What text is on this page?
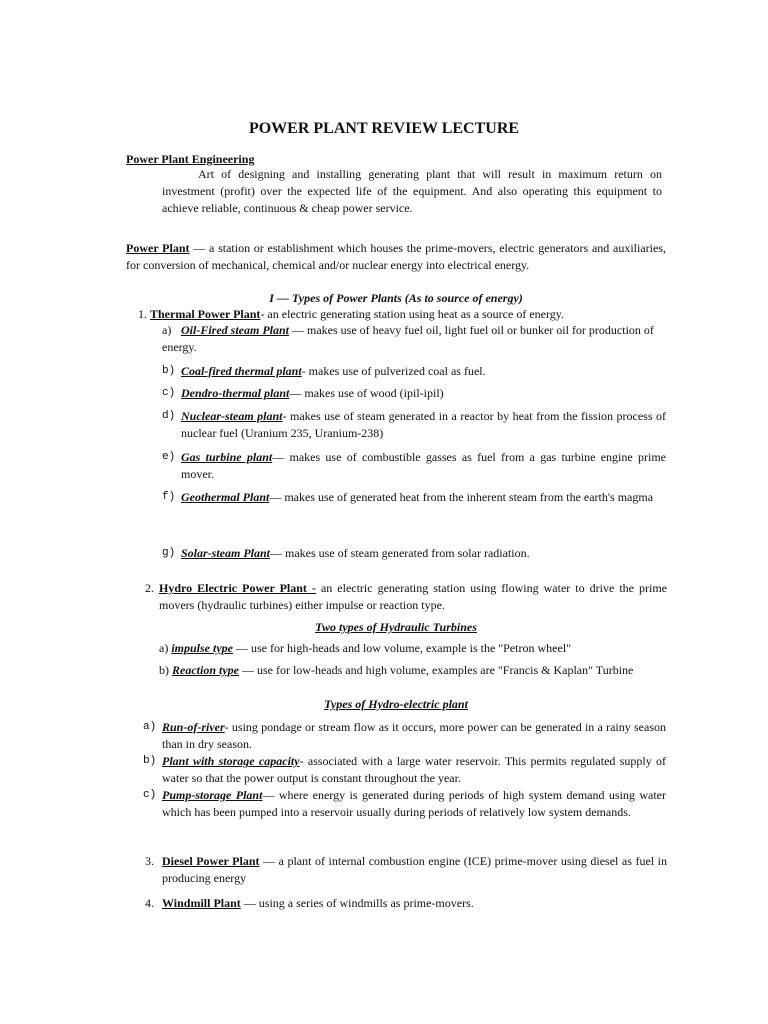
POWER PLANT REVIEW LECTURE
Power Plant Engineering
Art of designing and installing generating plant that will result in maximum return on investment (profit) over the expected life of the equipment. And also operating this equipment to achieve reliable, continuous & cheap power service.
Power Plant — a station or establishment which houses the prime-movers, electric generators and auxiliaries, for conversion of mechanical, chemical and/or nuclear energy into electrical energy.
I — Types of Power Plants (As to source of energy)
1. Thermal Power Plant- an electric generating station using heat as a source of energy.
a) Oil-Fired steam Plant — makes use of heavy fuel oil, light fuel oil or bunker oil for production of energy.
b) Coal-fired thermal plant- makes use of pulverized coal as fuel.
c) Dendro-thermal plant— makes use of wood (ipil-ipil)
d) Nuclear-steam plant- makes use of steam generated in a reactor by heat from the fission process of nuclear fuel (Uranium 235, Uranium-238)
e) Gas turbine plant— makes use of combustible gasses as fuel from a gas turbine engine prime mover.
f) Geothermal Plant— makes use of generated heat from the inherent steam from the earth's magma
g) Solar-steam Plant— makes use of steam generated from solar radiation.
2. Hydro Electric Power Plant - an electric generating station using flowing water to drive the prime movers (hydraulic turbines) either impulse or reaction type.
Two types of Hydraulic Turbines
a) impulse type — use for high-heads and low volume, example is the "Petron wheel"
b) Reaction type — use for low-heads and high volume, examples are "Francis & Kaplan" Turbine
Types of Hydro-electric plant
a) Run-of-river- using pondage or stream flow as it occurs, more power can be generated in a rainy season than in dry season.
b) Plant with storage capacity- associated with a large water reservoir. This permits regulated supply of water so that the power output is constant throughout the year.
c) Pump-storage Plant— where energy is generated during periods of high system demand using water which has been pumped into a reservoir usually during periods of relatively low system demands.
3. Diesel Power Plant — a plant of internal combustion engine (ICE) prime-mover using diesel as fuel in producing energy
4. Windmill Plant — using a series of windmills as prime-movers.
